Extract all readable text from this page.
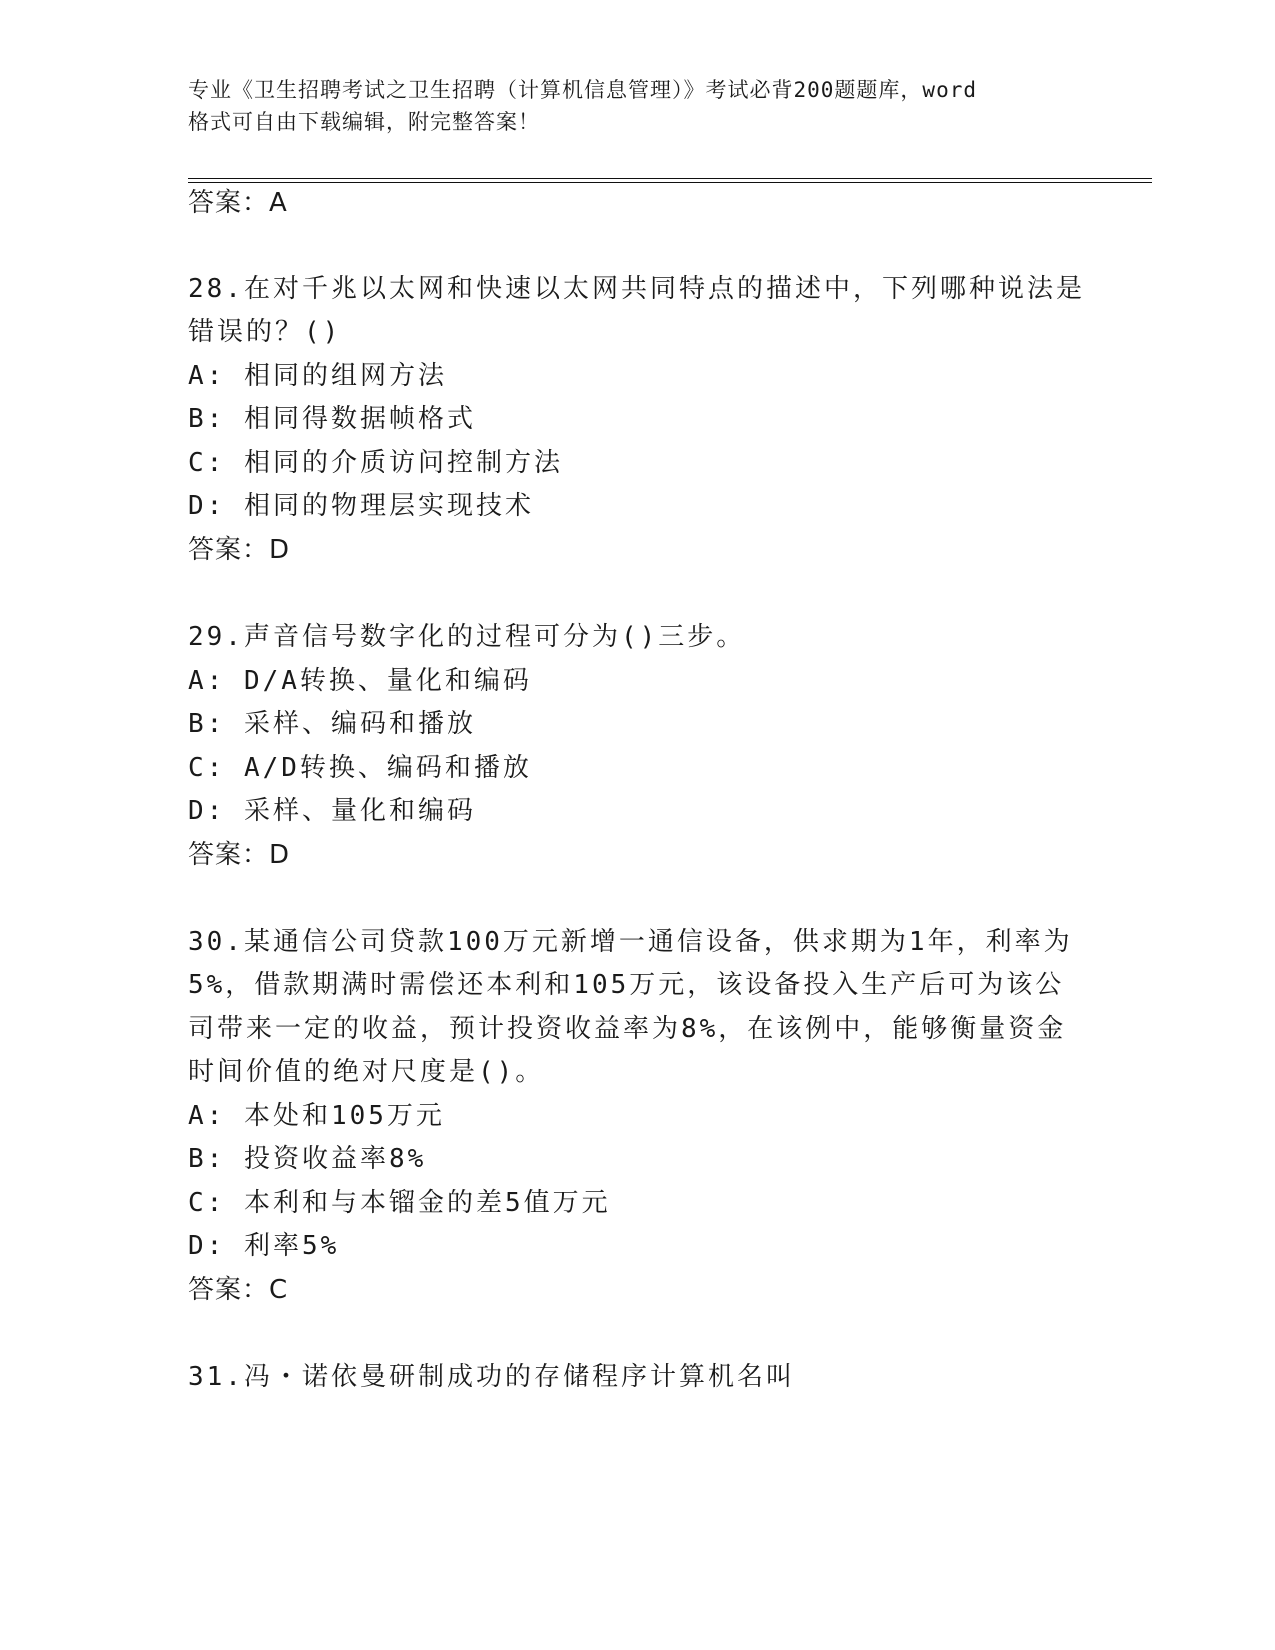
专业《卫生招聘考试之卫生招聘（计算机信息管理）》考试必背200题题库，word
格式可自由下载编辑，附完整答案！
答案：A
28.在对千兆以太网和快速以太网共同特点的描述中，下列哪种说法是
错误的？()
A: 相同的组网方法
B: 相同得数据帧格式
C: 相同的介质访问控制方法
D: 相同的物理层实现技术
答案：D
29.声音信号数字化的过程可分为()三步。
A: D/A转换、量化和编码
B: 采样、编码和播放
C: A/D转换、编码和播放
D: 采样、量化和编码
答案：D
30.某通信公司贷款100万元新增一通信设备，供求期为1年，利率为
5%，借款期满时需偿还本利和105万元，该设备投入生产后可为该公
司带来一定的收益，预计投资收益率为8%，在该例中，能够衡量资金
时间价值的绝对尺度是()。
A: 本处和105万元
B: 投资收益率8%
C: 本利和与本镏金的差5值万元
D: 利率5%
答案：C
31.冯・诺依曼研制成功的存储程序计算机名叫
